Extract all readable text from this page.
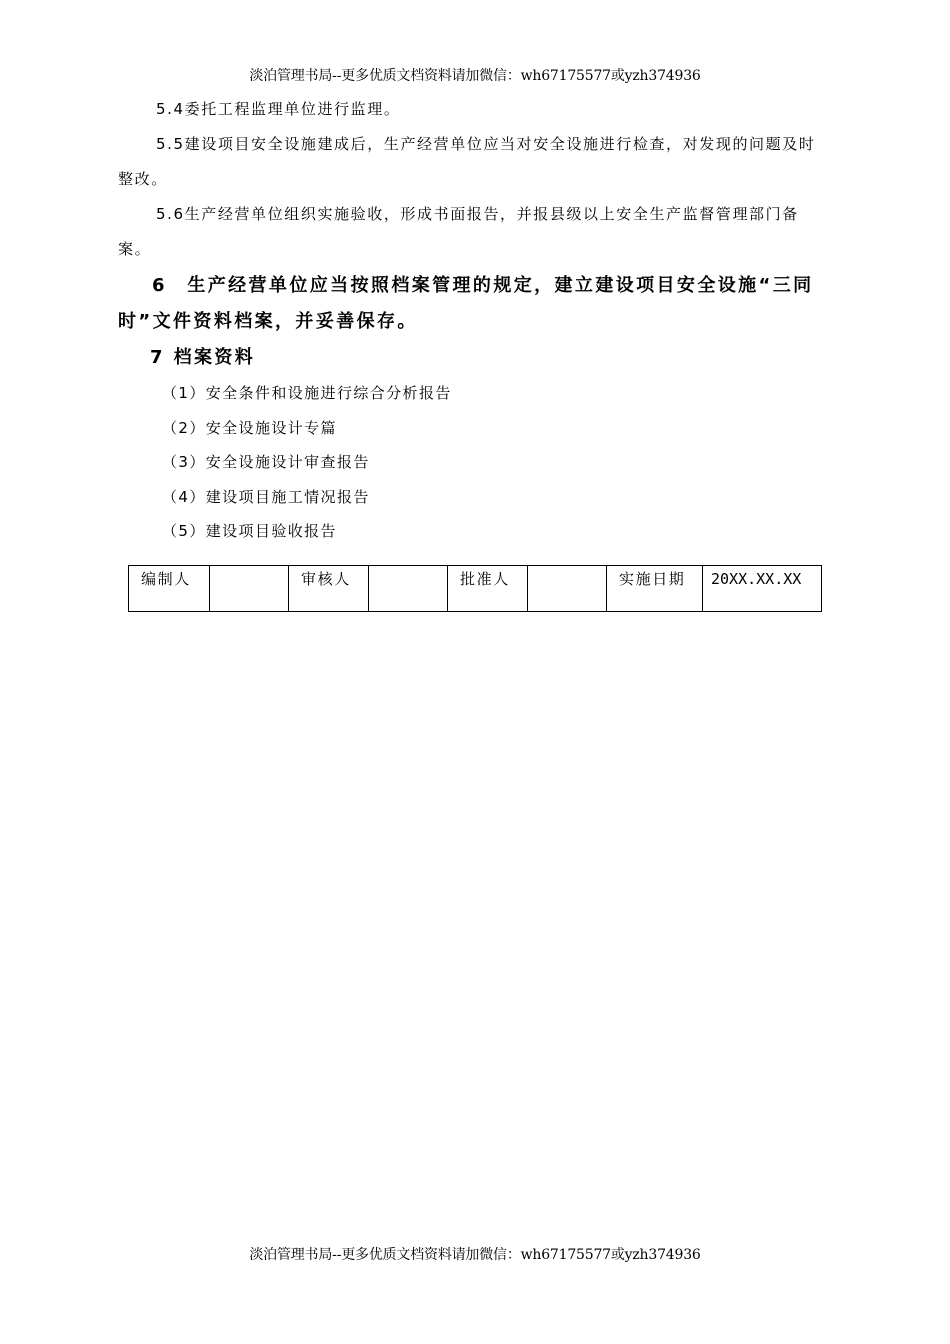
淡泊管理书局--更多优质文档资料请加微信：wh67175577或yzh374936

5.4委托工程监理单位进行监理。

5.5建设项目安全设施建成后，生产经营单位应当对安全设施进行检查，对发现的问题及时整改。

5.6生产经营单位组织实施验收，形成书面报告，并报县级以上安全生产监督管理部门备案。

6　生产经营单位应当按照档案管理的规定，建立建设项目安全设施“三同时”文件资料档案，并妥善保存。

7 档案资料

（1）安全条件和设施进行综合分析报告
（2）安全设施设计专篇
（3）安全设施设计审查报告
（4）建设项目施工情况报告
（5）建设项目验收报告
编制人		审核人		批准人		实施日期	20XX.XX.XX
淡泊管理书局--更多优质文档资料请加微信：wh67175577或yzh374936
